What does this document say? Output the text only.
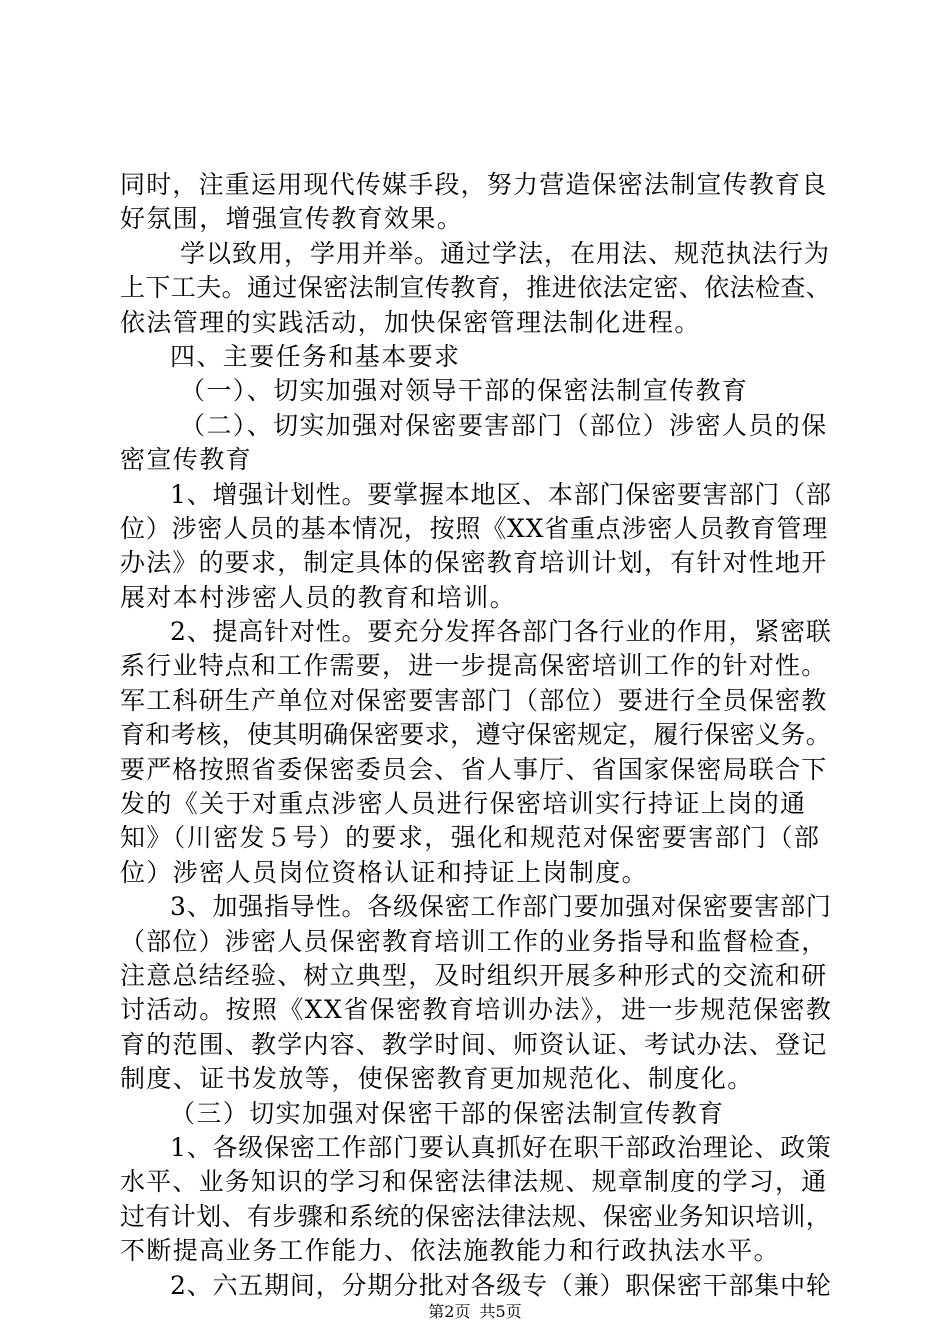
同时，注重运用现代传媒手段，努力营造保密法制宣传教育良
好氛围，增强宣传教育效果。
学以致用，学用并举。通过学法，在用法、规范执法行为
上下工夫。通过保密法制宣传教育，推进依法定密、依法检查、
依法管理的实践活动，加快保密管理法制化进程。
四、主要任务和基本要求
（一）、切实加强对领导干部的保密法制宣传教育
（二）、切实加强对保密要害部门（部位）涉密人员的保
密宣传教育
1、增强计划性。要掌握本地区、本部门保密要害部门（部
位）涉密人员的基本情况，按照《XX省重点涉密人员教育管理
办法》的要求，制定具体的保密教育培训计划，有针对性地开
展对本村涉密人员的教育和培训。
2、提高针对性。要充分发挥各部门各行业的作用，紧密联
系行业特点和工作需要，进一步提高保密培训工作的针对性。
军工科研生产单位对保密要害部门（部位）要进行全员保密教
育和考核，使其明确保密要求，遵守保密规定，履行保密义务。
要严格按照省委保密委员会、省人事厅、省国家保密局联合下
发的《关于对重点涉密人员进行保密培训实行持证上岗的通
知》（川密发５号）的要求，强化和规范对保密要害部门（部
位）涉密人员岗位资格认证和持证上岗制度。
3、加强指导性。各级保密工作部门要加强对保密要害部门
（部位）涉密人员保密教育培训工作的业务指导和监督检查，
注意总结经验、树立典型，及时组织开展多种形式的交流和研
讨活动。按照《XX省保密教育培训办法》，进一步规范保密教
育的范围、教学内容、教学时间、师资认证、考试办法、登记
制度、证书发放等，使保密教育更加规范化、制度化。
（三）切实加强对保密干部的保密法制宣传教育
1、各级保密工作部门要认真抓好在职干部政治理论、政策
水平、业务知识的学习和保密法律法规、规章制度的学习，通
过有计划、有步骤和系统的保密法律法规、保密业务知识培训，
不断提高业务工作能力、依法施教能力和行政执法水平。
2、六五期间，分期分批对各级专（兼）职保密干部集中轮
第2页 共5页
